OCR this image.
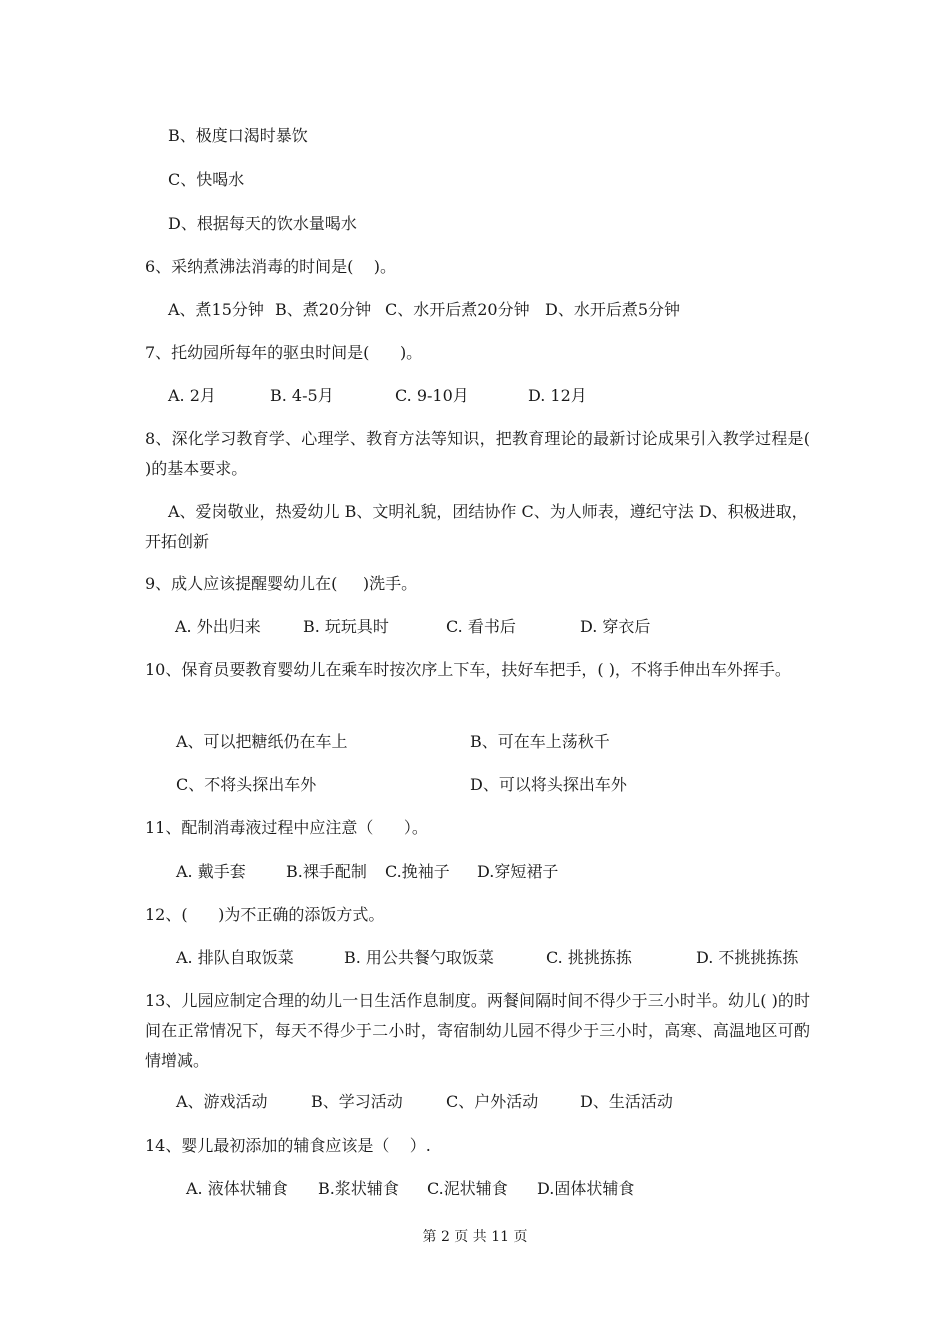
B、极度口渴时暴饮
C、快喝水
D、根据每天的饮水量喝水
6、采纳煮沸法消毒的时间是(    )。
A、煮15分钟 B、煮20分钟 C、水开后煮20分钟 D、水开后煮5分钟
7、托幼园所每年的驱虫时间是(      )。
A. 2月	B. 4-5月	C. 9-10月	D. 12月
8、深化学习教育学、心理学、教育方法等知识，把教育理论的最新讨论成果引入教学过程是( )的基本要求。
A、爱岗敬业，热爱幼儿 B、文明礼貌，团结协作 C、为人师表，遵纪守法 D、积极进取，开拓创新
9、成人应该提醒婴幼儿在(     )洗手。
A. 外出归来	B. 玩玩具时	C. 看书后	D. 穿衣后
10、保育员要教育婴幼儿在乘车时按次序上下车，扶好车把手，( )，不将手伸出车外挥手。
A、可以把糖纸仍在车上	B、可在车上荡秋千
C、不将头探出车外	D、可以将头探出车外
11、配制消毒液过程中应注意（      ）。
A. 戴手套	B.裸手配制 C.挽袖子 D.穿短裙子
12、(      )为不正确的添饭方式。
A. 排队自取饭菜	B. 用公共餐勺取饭菜	C. 挑挑拣拣	D. 不挑挑拣拣
13、儿园应制定合理的幼儿一日生活作息制度。两餐间隔时间不得少于三小时半。幼儿( )的时间在正常情况下，每天不得少于二小时，寄宿制幼儿园不得少于三小时，高寒、高温地区可酌情增减。
A、游戏活动	B、学习活动	C、户外活动	D、生活活动
14、婴儿最初添加的辅食应该是（    ）.
A. 液体状辅食 B.浆状辅食 C.泥状辅食 D.固体状辅食
第 2 页 共 11 页
